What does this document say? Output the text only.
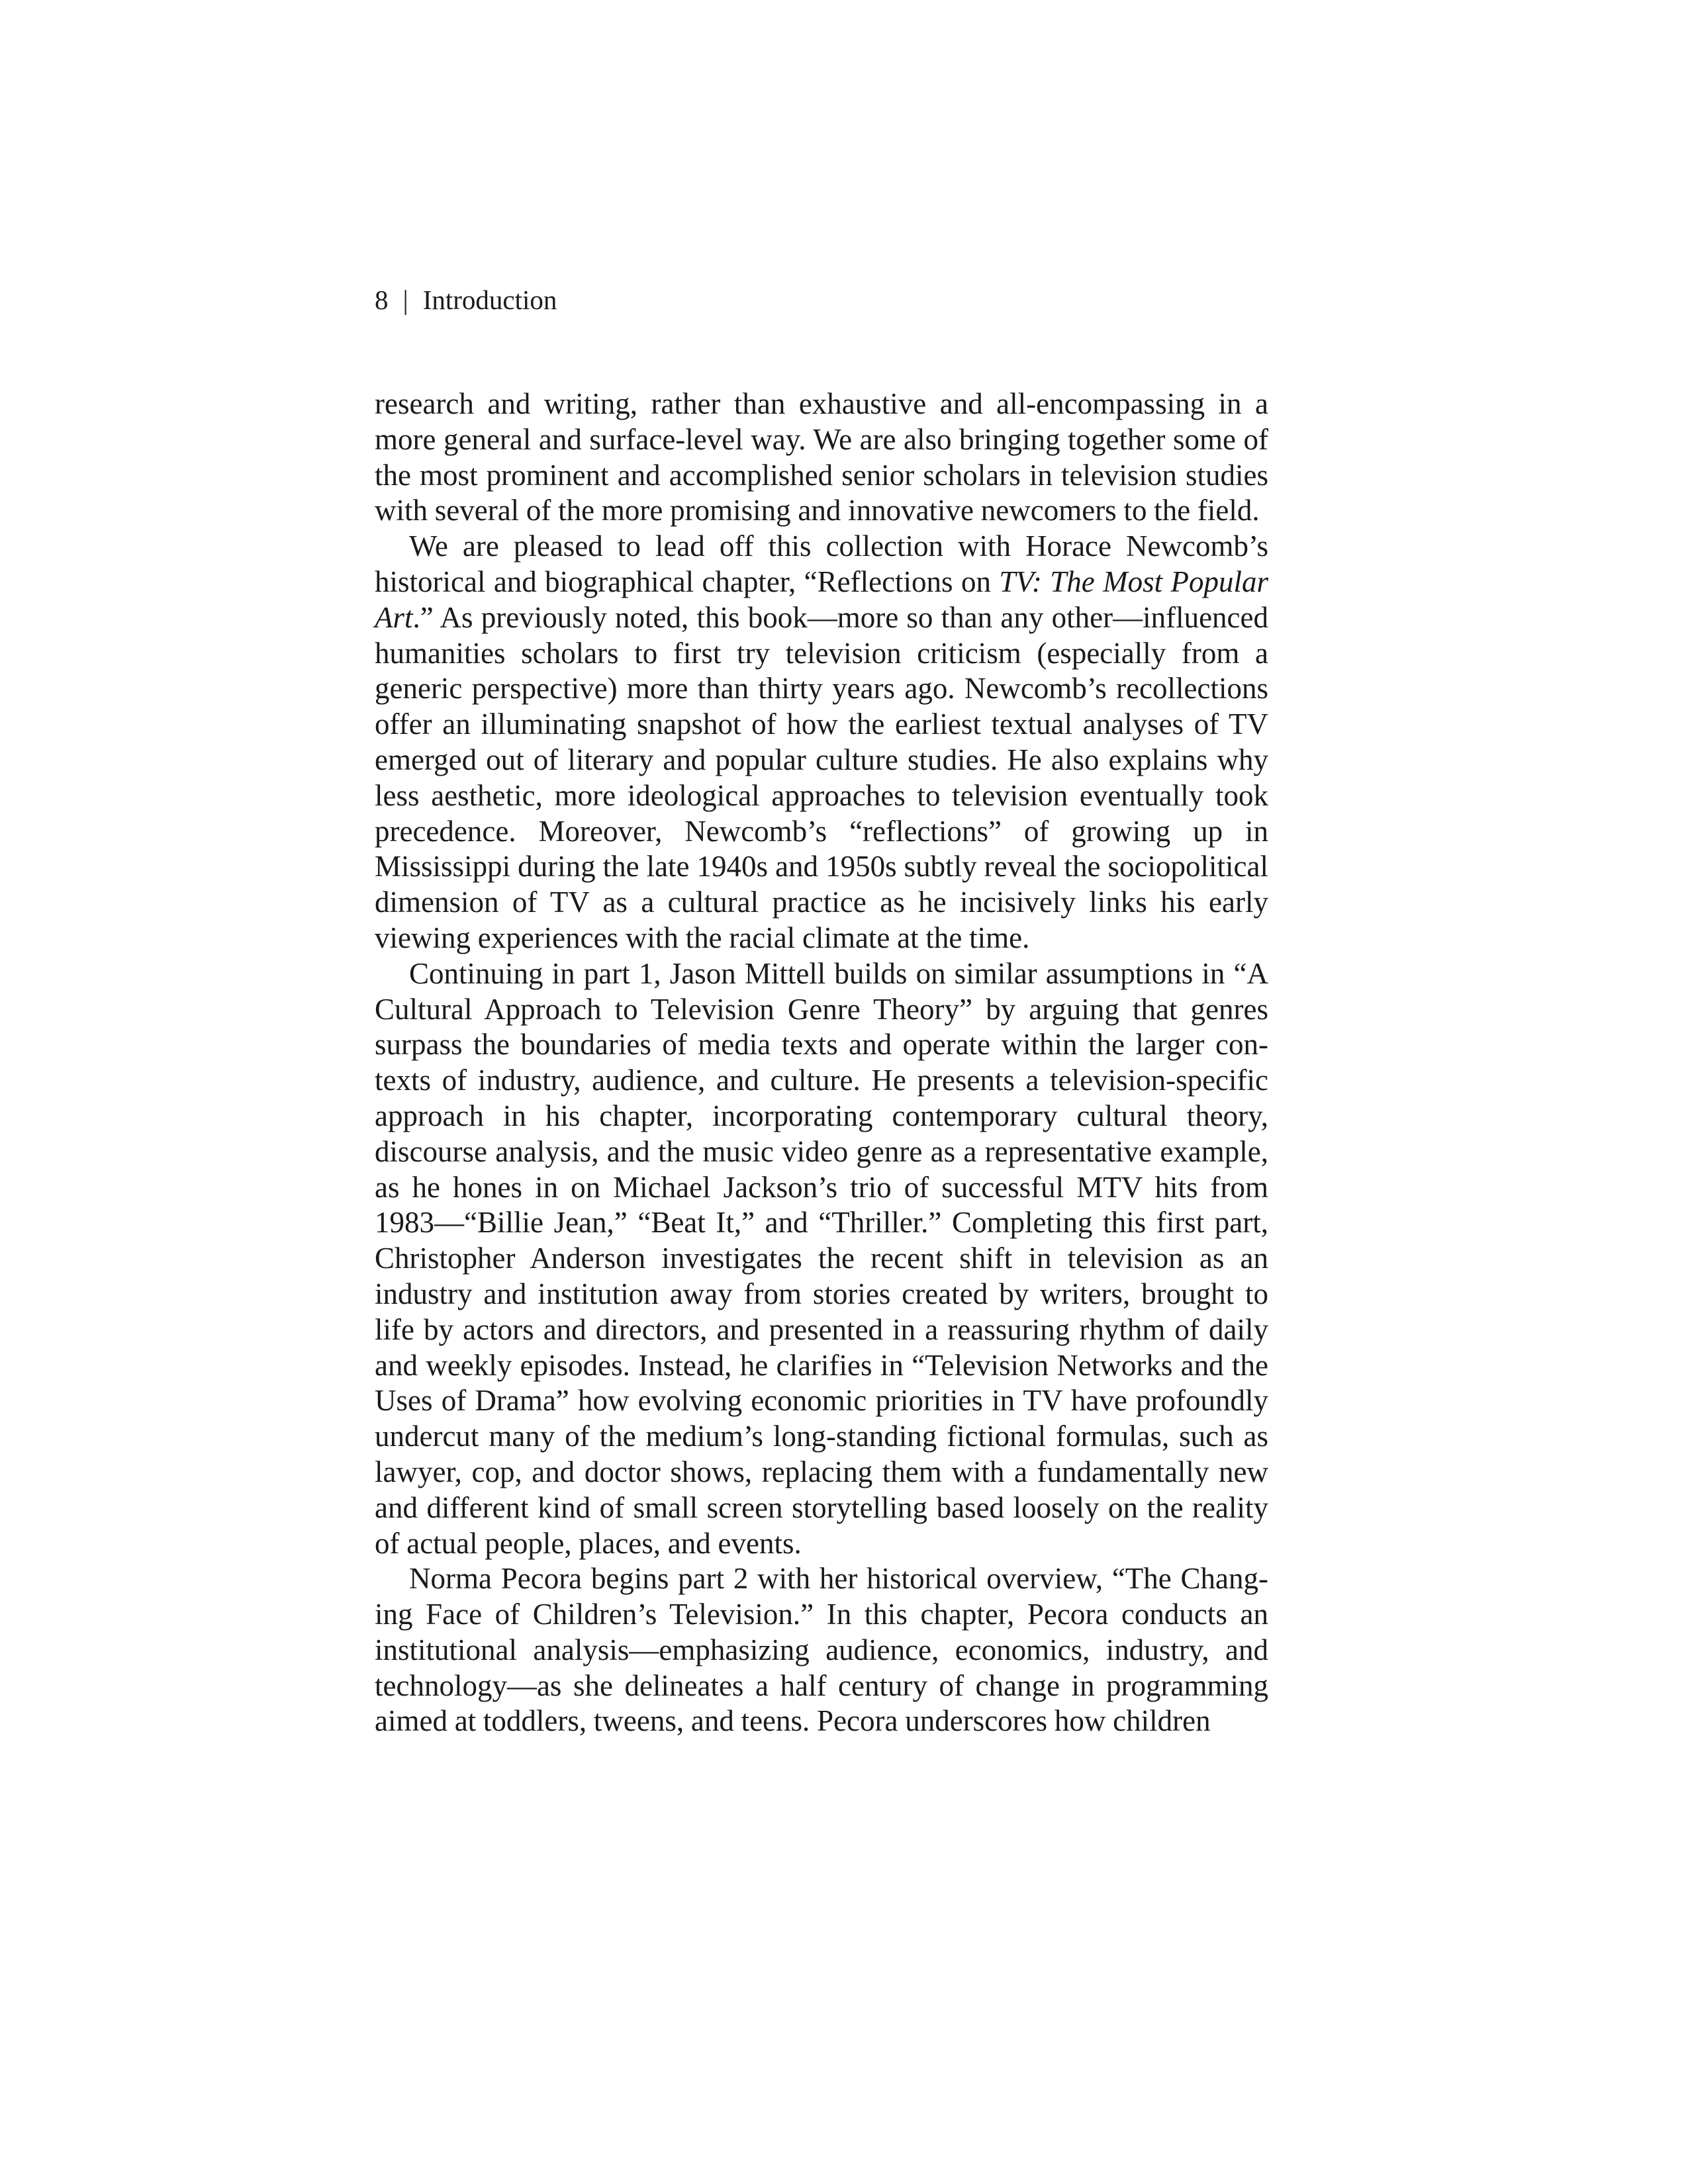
8 | Introduction

research and writing, rather than exhaustive and all-encompassing in a more general and surface-level way. We are also bringing together some of the most prominent and accomplished senior scholars in television studies with several of the more promising and innovative newcomers to the field.

We are pleased to lead off this collection with Horace Newcomb’s historical and biographical chapter, “Reflections on TV: The Most Popular Art.” As previously noted, this book—more so than any other—influenced humanities scholars to first try television criticism (especially from a generic perspective) more than thirty years ago. Newcomb’s recollections offer an illuminating snapshot of how the earliest textual analyses of TV emerged out of literary and popular culture studies. He also explains why less aesthetic, more ideological approaches to television eventually took precedence. Moreover, Newcomb’s “reflections” of growing up in Mississippi during the late 1940s and 1950s subtly reveal the sociopolitical dimension of TV as a cultural practice as he incisively links his early viewing experiences with the racial climate at the time.

Continuing in part 1, Jason Mittell builds on similar assumptions in “A Cultural Approach to Television Genre Theory” by arguing that genres surpass the boundaries of media texts and operate within the larger contexts of industry, audience, and culture. He presents a television-specific approach in his chapter, incorporating contemporary cultural theory, discourse analysis, and the music video genre as a representative example, as he hones in on Michael Jackson’s trio of successful MTV hits from 1983—“Billie Jean,” “Beat It,” and “Thriller.” Completing this first part, Christopher Anderson investigates the recent shift in television as an industry and institution away from stories created by writers, brought to life by actors and directors, and presented in a reassuring rhythm of daily and weekly episodes. Instead, he clarifies in “Television Networks and the Uses of Drama” how evolving economic priorities in TV have profoundly undercut many of the medium’s long-standing fictional formulas, such as lawyer, cop, and doctor shows, replacing them with a fundamentally new and different kind of small screen storytelling based loosely on the reality of actual people, places, and events.

Norma Pecora begins part 2 with her historical overview, “The Changing Face of Children’s Television.” In this chapter, Pecora conducts an institutional analysis—emphasizing audience, economics, industry, and technology—as she delineates a half century of change in programming aimed at toddlers, tweens, and teens. Pecora underscores how children
